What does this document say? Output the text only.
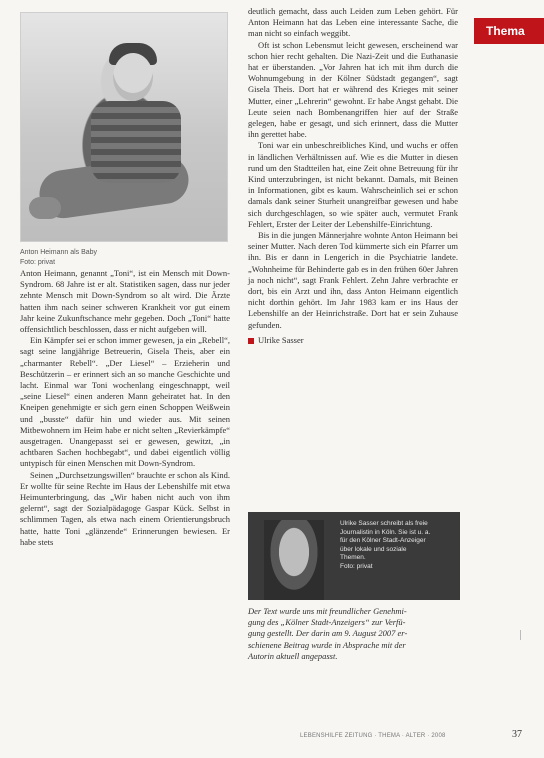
Anton Heimann als Baby
Foto: privat

Anton Heimann, genannt „Toni“, ist ein Mensch mit Down-Syndrom. 68 Jahre ist er alt. Statistiken sagen, dass nur jeder zehnte Mensch mit Down-Syndrom so alt wird. Die Ärzte hatten ihm nach seiner schweren Krankheit vor gut einem Jahr keine Zukunftschance mehr gegeben. Doch „Toni“ hatte offensichtlich beschlossen, dass er nicht aufgeben will.

Ein Kämpfer sei er schon immer gewesen, ja ein „Rebell“, sagt seine langjährige Betreuerin, Gisela Theis, aber ein „charmanter Rebell“. „Der Liesel“ – Erzieherin und Beschützerin – er erinnert sich an so manche Geschichte und lacht. Einmal war Toni wochenlang eingeschnappt, weil „seine Liesel“ einen anderen Mann geheiratet hat. In den Kneipen genehmigte er sich gern einen Schoppen Weißwein und „busste“ dafür hin und wieder aus. Mit seinen Mitbewohnern im Heim habe er nicht selten „Revierkämpfe“ ausgetragen. Unangepasst sei er gewesen, gewitzt, „in achtbaren Sachen hochbegabt“, und dabei eigentlich völlig untypisch für einen Menschen mit Down-Syndrom.

Seinen „Durchsetzungswillen“ brauchte er schon als Kind. Er wollte für seine Rechte im Haus der Lebenshilfe mit etwa Heimunterbringung, das „Wir haben nicht auch von ihm gelernt“, sagt der Sozialpädagoge Gaspar Kück. Selbst in schlimmen Tagen, als etwa nach einem Orientierungsbruch hatte, hatte Toni „glänzende“ Erinnerungen bewiesen. Er habe stets

deutlich gemacht, dass auch Leiden zum Leben gehört. Für Anton Heimann hat das Leben eine interessante Sache, die man nicht so einfach weggibt.

Oft ist schon Lebensmut leicht gewesen, erscheinend war schon hier recht gehalten. Die Nazi-Zeit und die Euthanasie hat er überstanden. „Vor Jahren hat ich mit ihm durch die Wohnumgebung in der Kölner Südstadt gegangen“, sagt Gisela Theis. Dort hat er während des Krieges mit seiner Mutter, einer „Lehrerin“ gewohnt. Er habe Angst gehabt. Die Leute seien nach Bombenangriffen hier auf der Straße gelegen, habe er gesagt, und sich erinnert, dass die Mutter ihn gerettet habe.

Toni war ein unbeschreibliches Kind, und wuchs er offen in ländlichen Verhältnissen auf. Wie es die Mutter in diesen rund um den Stadtteilen hat, eine Zeit ohne Betreuung für ihr Kind unterzubringen, ist nicht bekannt. Damals, mit Beinen in Informationen, gibt es kaum. Wahrscheinlich sei er schon damals dank seiner Sturheit unangreifbar gewesen und habe sich durchgeschlagen, so wie später auch, vermutet Frank Fehlert, Erster der Leiter der Lebenshilfe-Einrichtung.

Bis in die jungen Männerjahre wohnte Anton Heimann bei seiner Mutter. Nach deren Tod kümmerte sich ein Pfarrer um ihn. Bis er dann in Lengerich in die Psychiatrie landete. „Wohnheime für Behinderte gab es in den frühen 60er Jahren ja noch nicht“, sagt Frank Fehlert. Zehn Jahre verbrachte er dort, bis ein Arzt und ihn, dass Anton Heimann eigentlich nicht dorthin gehört. Im Jahr 1983 kam er ins Haus der Lebenshilfe an der Heinrichstraße. Dort hat er sein Zuhause gefunden.

Ulrike Sasser
Thema
Ulrike Sasser schreibt als freie
Journalistin in Köln. Sie ist u. a.
für den Kölner Stadt-Anzeiger
über lokale und soziale
Themen.
Foto: privat
Der Text wurde uns mit freundlicher Genehmi-
gung des „Kölner Stadt-Anzeigers“ zur Verfü-
gung gestellt. Der darin am 9. August 2007 er-
schienene Beitrag wurde in Absprache mit der
Autorin aktuell angepasst.
LEBENSHILFE ZEITUNG · THEMA · ALTER · 2008	37
